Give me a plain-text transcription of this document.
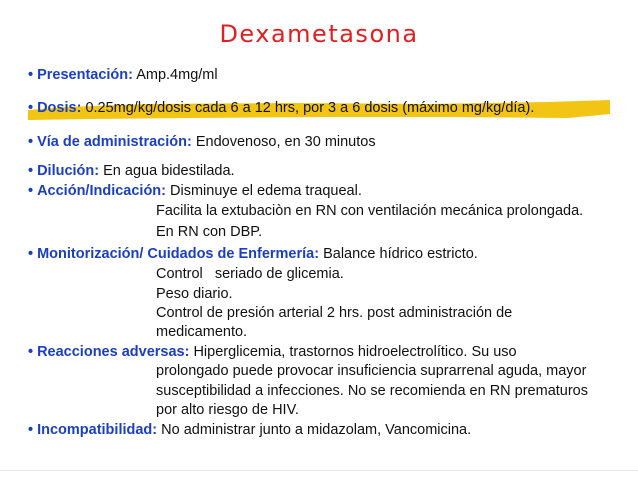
Dexametasona
• Presentación: Amp.4mg/ml
• Dosis: 0.25mg/kg/dosis cada 6 a 12 hrs, por 3 a 6 dosis (máximo mg/kg/día).
• Vía de administración: Endovenoso, en 30 minutos
• Dilución: En agua bidestilada.
• Acción/Indicación: Disminuye el edema traqueal.
Facilita la extubaciòn en RN con ventilación mecánica prolongada.
En RN con DBP.
• Monitorización/ Cuidados de Enfermería: Balance hídrico estricto.
Control   seriado de glicemia.
Peso diario.
Control de presión arterial 2 hrs. post administración de
medicamento.
• Reacciones adversas: Hiperglicemia, trastornos hidroelectrolítico. Su uso
prolongado puede provocar insuficiencia suprarrenal aguda, mayor
susceptibilidad a infecciones. No se recomienda en RN prematuros
por alto riesgo de HIV.
• Incompatibilidad: No administrar junto a midazolam, Vancomicina.
